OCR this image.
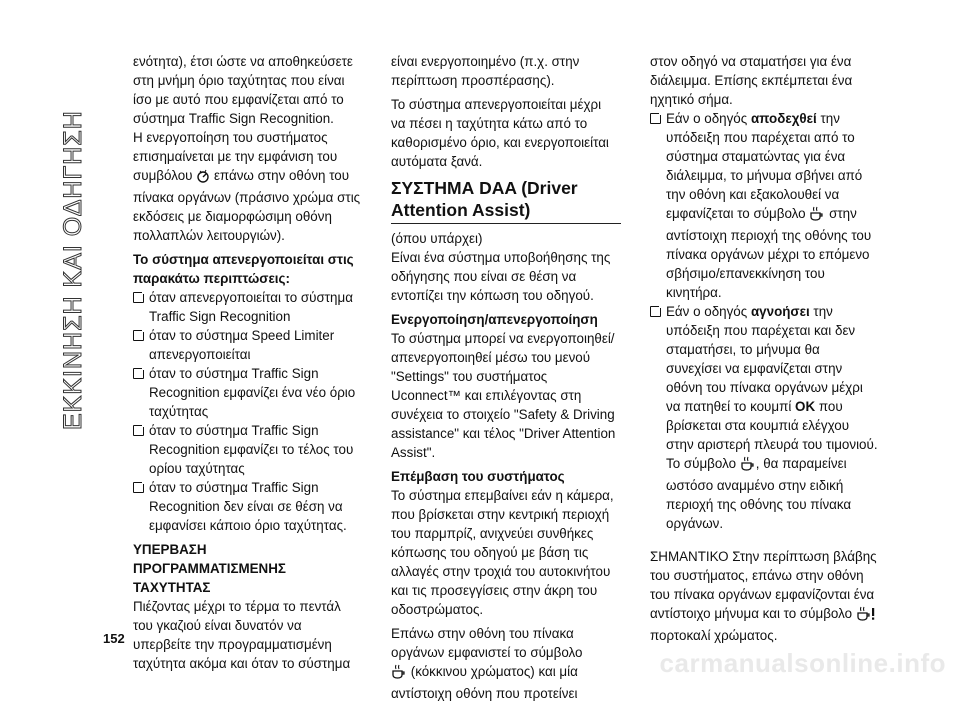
ΕΚΚΙΝΗΣΗ ΚΑΙ ΟΔΗΓΗΣΗ

ενότητα), έτσι ώστε να αποθηκεύσετε στη μνήμη όριο ταχύτητας που είναι ίσο με αυτό που εμφανίζεται από το σύστημα Traffic Sign Recognition.

Η ενεργοποίηση του συστήματος επισημαίνεται με την εμφάνιση του συμβόλου επάνω στην οθόνη του πίνακα οργάνων (πράσινο χρώμα στις εκδόσεις με διαμορφώσιμη οθόνη πολλαπλών λειτουργιών).

Το σύστημα απενεργοποιείται στις παρακάτω περιπτώσεις:
όταν απενεργοποιείται το σύστημα Traffic Sign Recognition
όταν το σύστημα Speed Limiter απενεργοποιείται
όταν το σύστημα Traffic Sign Recognition εμφανίζει ένα νέο όριο ταχύτητας
όταν το σύστημα Traffic Sign Recognition εμφανίζει το τέλος του ορίου ταχύτητας
όταν το σύστημα Traffic Sign Recognition δεν είναι σε θέση να εμφανίσει κάποιο όριο ταχύτητας.
ΥΠΕΡΒΑΣΗ
ΠΡΟΓΡΑΜΜΑΤΙΣΜΕΝΗΣ
ΤΑΧΥΤΗΤΑΣ

Πιέζοντας μέχρι το τέρμα το πεντάλ του γκαζιού είναι δυνατόν να υπερβείτε την προγραμματισμένη ταχύτητα ακόμα και όταν το σύστημα

είναι ενεργοποιημένο (π.χ. στην περίπτωση προσπέρασης).

Το σύστημα απενεργοποιείται μέχρι να πέσει η ταχύτητα κάτω από το καθορισμένο όριο, και ενεργοποιείται αυτόματα ξανά.

ΣΥΣΤΗΜΑ DAA (Driver
Attention Assist)

(όπου υπάρχει)

Είναι ένα σύστημα υποβοήθησης της οδήγησης που είναι σε θέση να εντοπίζει την κόπωση του οδηγού.

Ενεργοποίηση/απενεργοποίηση

Το σύστημα μπορεί να ενεργοποιηθεί/απενεργοποιηθεί μέσω του μενού "Settings" του συστήματος Uconnect™ και επιλέγοντας στη συνέχεια το στοιχείο "Safety & Driving assistance" και τέλος "Driver Attention Assist".

Επέμβαση του συστήματος

Το σύστημα επεμβαίνει εάν η κάμερα, που βρίσκεται στην κεντρική περιοχή του παρμπρίζ, ανιχνεύει συνθήκες κόπωσης του οδηγού με βάση τις αλλαγές στην τροχιά του αυτοκινήτου και τις προσεγγίσεις στην άκρη του οδοστρώματος.

Επάνω στην οθόνη του πίνακα οργάνων εμφανιστεί το σύμβολο
(κόκκινου χρώματος) και μία αντίστοιχη οθόνη που προτείνει

στον οδηγό να σταματήσει για ένα διάλειμμα. Επίσης εκπέμπεται ένα ηχητικό σήμα.

Εάν ο οδηγός αποδεχθεί την υπόδειξη που παρέχεται από το σύστημα σταματώντας για ένα διάλειμμα, το μήνυμα σβήνει από την οθόνη και εξακολουθεί να εμφανίζεται το σύμβολο στην αντίστοιχη περιοχή της οθόνης του πίνακα οργάνων μέχρι το επόμενο σβήσιμο/επανεκκίνηση του κινητήρα.
Εάν ο οδηγός αγνοήσει την υπόδειξη που παρέχεται και δεν σταματήσει, το μήνυμα θα συνεχίσει να εμφανίζεται στην οθόνη του πίνακα οργάνων μέχρι να πατηθεί το κουμπί OK που βρίσκεται στα κουμπιά ελέγχου στην αριστερή πλευρά του τιμονιού. Το σύμβολο , θα παραμείνει ωστόσο αναμμένο στην ειδική περιοχή της οθόνης του πίνακα οργάνων.

ΣΗΜΑΝΤΙΚΟ Στην περίπτωση βλάβης του συστήματος, επάνω στην οθόνη του πίνακα οργάνων εμφανίζονται ένα αντίστοιχο μήνυμα και το σύμβολο
πορτοκαλί χρώματος.

152
carmanualsonline.info
